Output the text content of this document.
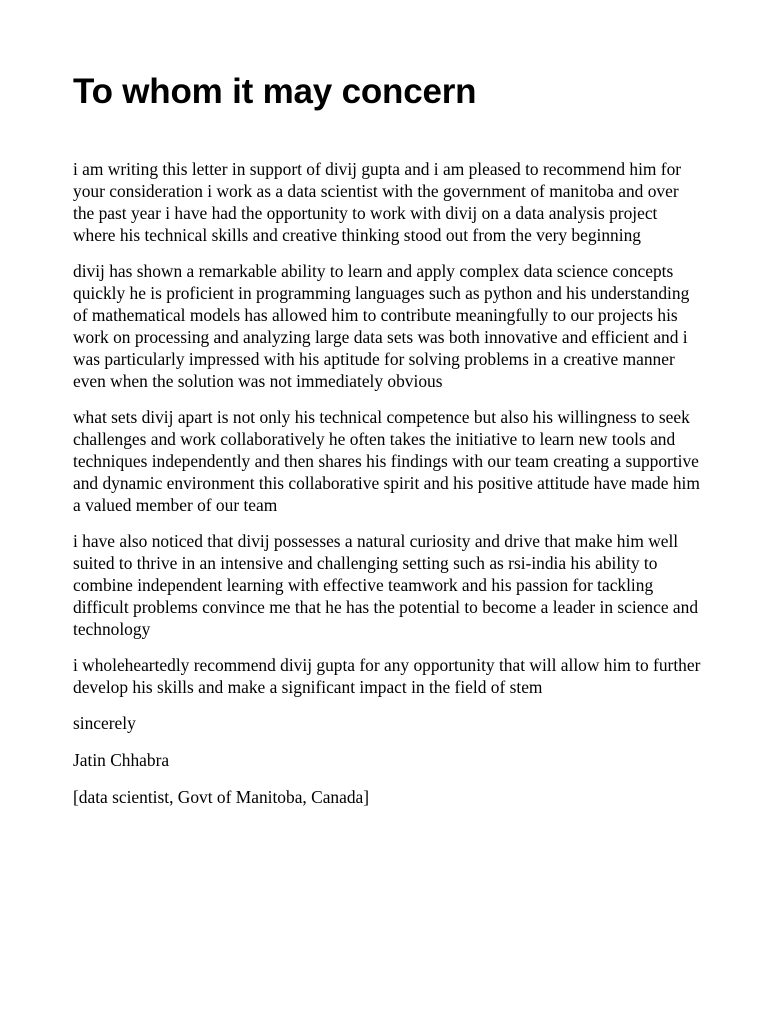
To whom it may concern

i am writing this letter in support of divij gupta and i am pleased to recommend him for your consideration i work as a data scientist with the government of manitoba and over the past year i have had the opportunity to work with divij on a data analysis project where his technical skills and creative thinking stood out from the very beginning

divij has shown a remarkable ability to learn and apply complex data science concepts quickly he is proficient in programming languages such as python and his understanding of mathematical models has allowed him to contribute meaningfully to our projects his work on processing and analyzing large data sets was both innovative and efficient and i was particularly impressed with his aptitude for solving problems in a creative manner even when the solution was not immediately obvious

what sets divij apart is not only his technical competence but also his willingness to seek challenges and work collaboratively he often takes the initiative to learn new tools and techniques independently and then shares his findings with our team creating a supportive and dynamic environment this collaborative spirit and his positive attitude have made him a valued member of our team

i have also noticed that divij possesses a natural curiosity and drive that make him well suited to thrive in an intensive and challenging setting such as rsi-india his ability to combine independent learning with effective teamwork and his passion for tackling difficult problems convince me that he has the potential to become a leader in science and technology

i wholeheartedly recommend divij gupta for any opportunity that will allow him to further develop his skills and make a significant impact in the field of stem

sincerely

Jatin Chhabra

[data scientist, Govt of Manitoba, Canada]
